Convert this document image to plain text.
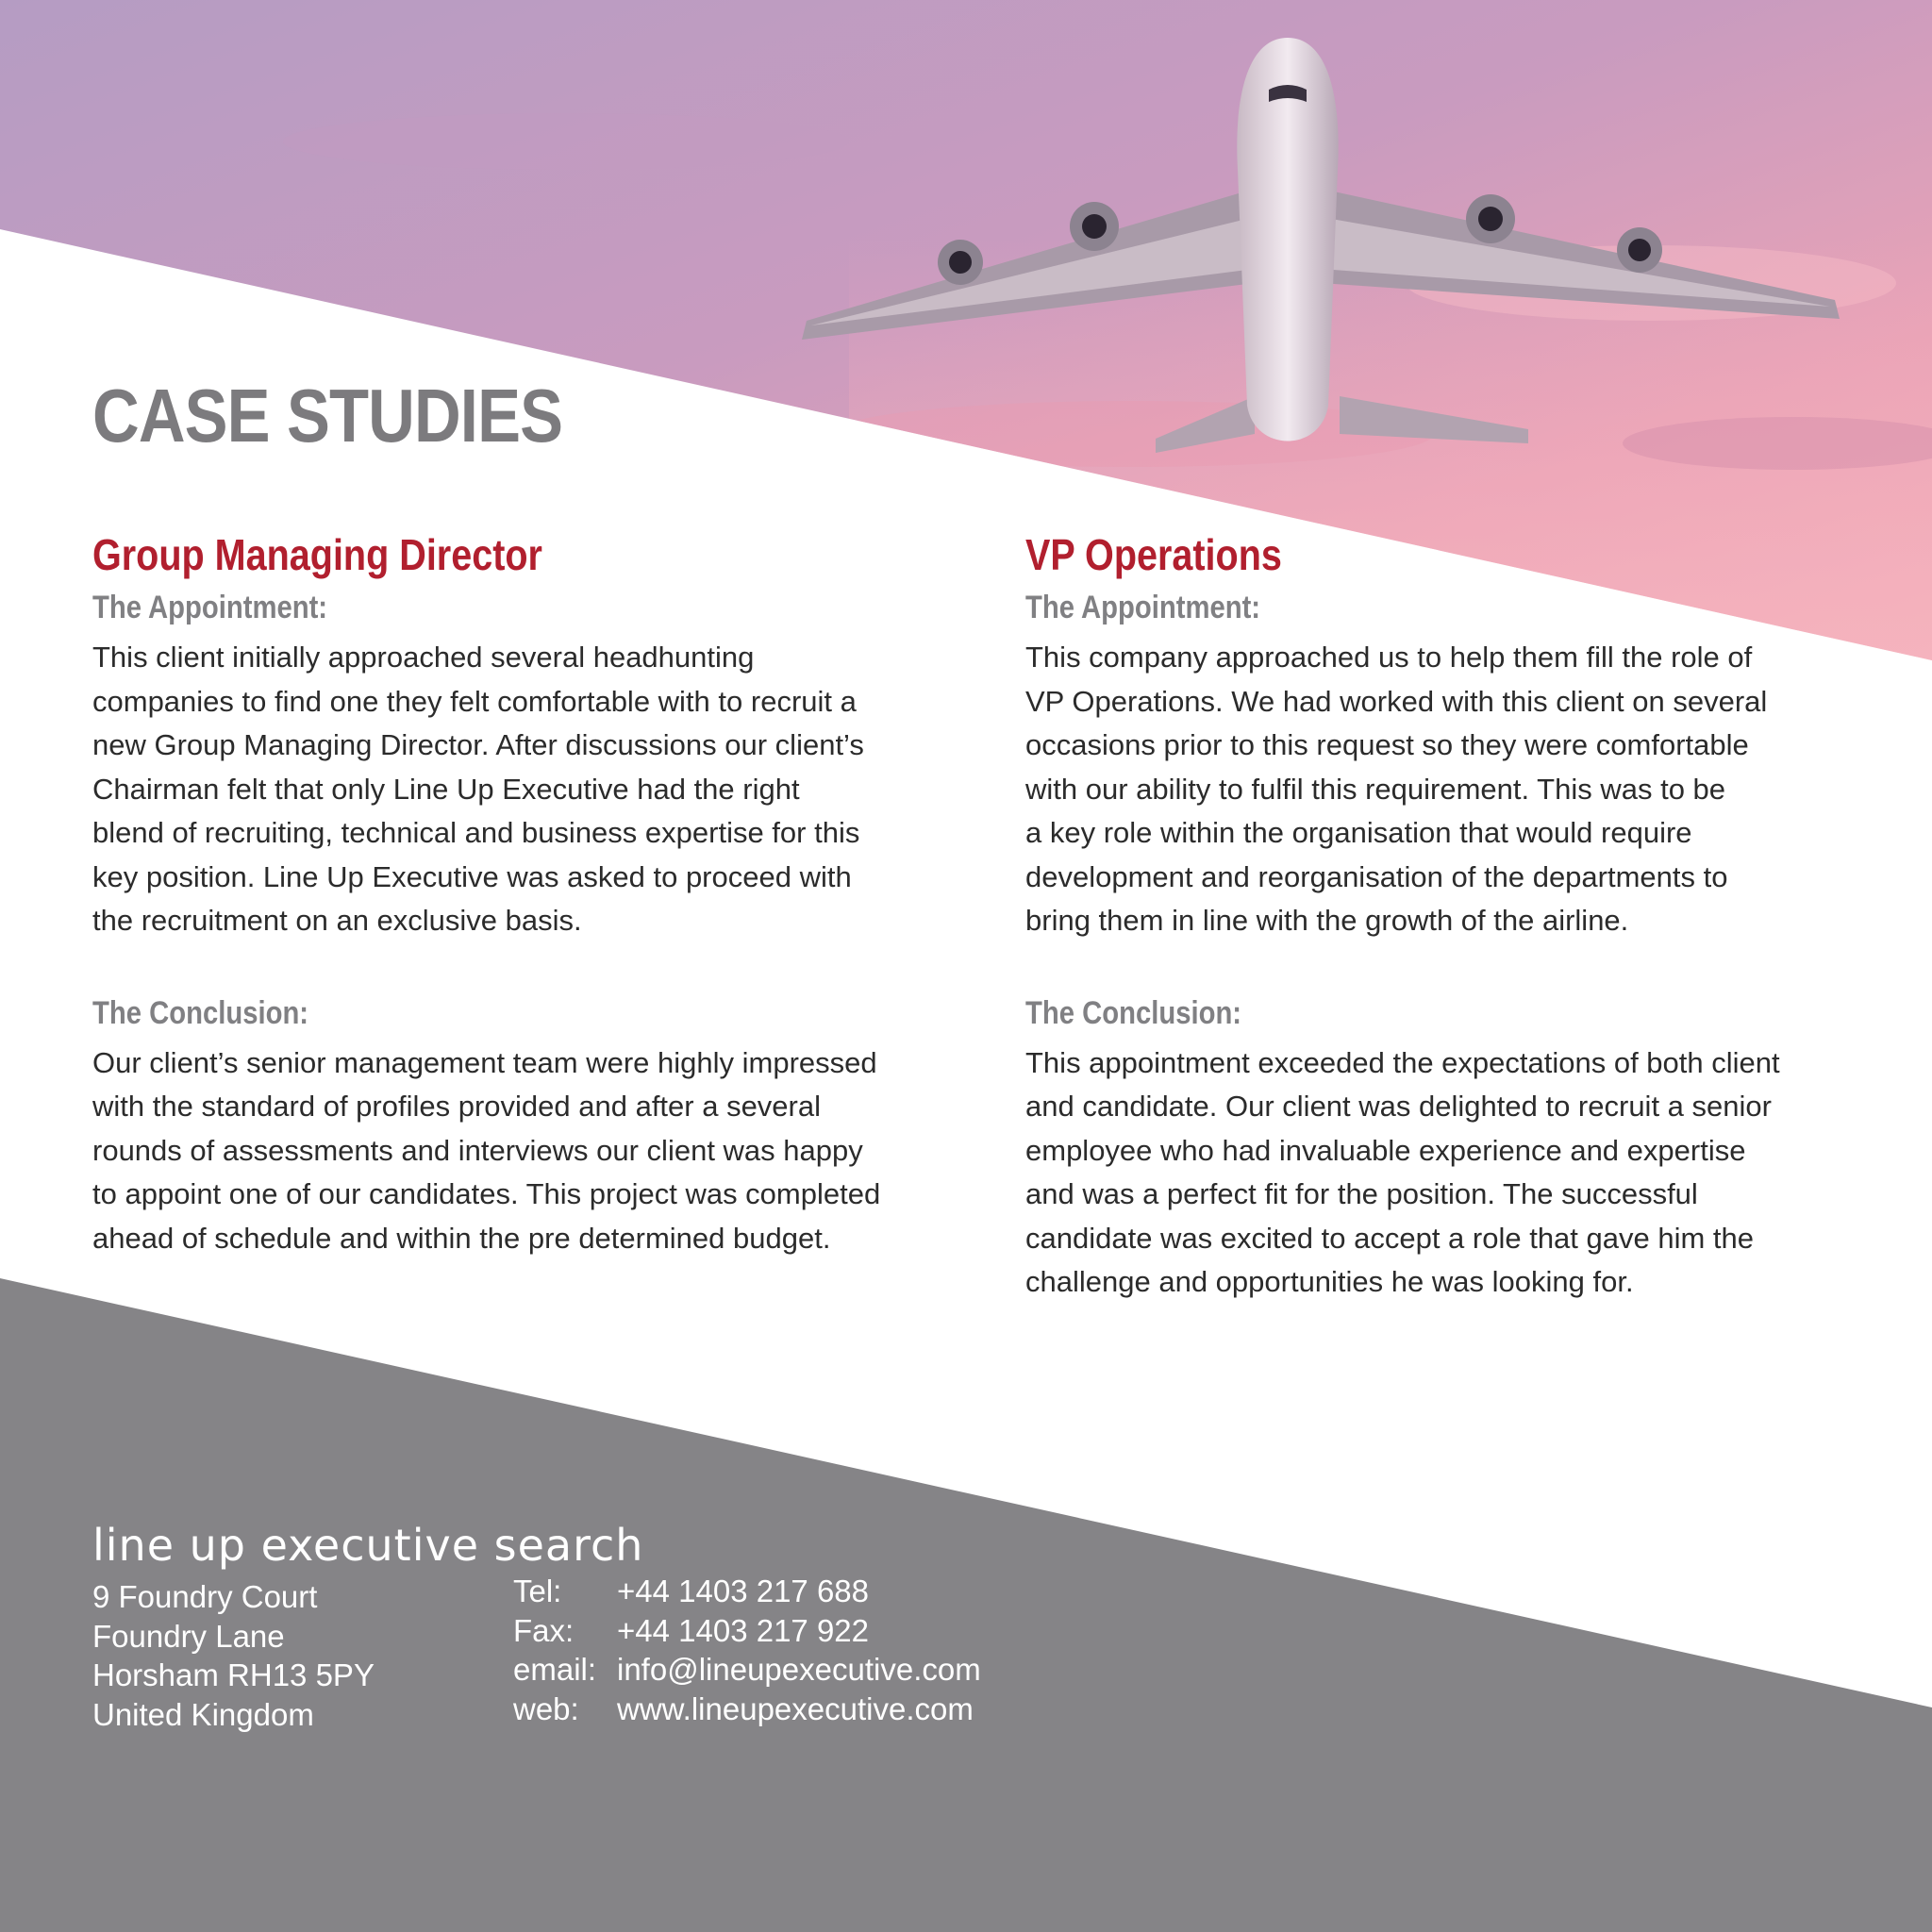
CASE STUDIES
Group Managing Director
The Appointment:

This client initially approached several headhunting
companies to find one they felt comfortable with to recruit a
new Group Managing Director. After discussions our client’s
Chairman felt that only Line Up Executive had the right
blend of recruiting, technical and business expertise for this
key position. Line Up Executive was asked to proceed with
the recruitment on an exclusive basis.

The Conclusion:

Our client’s senior management team were highly impressed
with the standard of profiles provided and after a several
rounds of assessments and interviews our client was happy
to appoint one of our candidates. This project was completed
ahead of schedule and within the pre determined budget.

VP Operations
The Appointment:

This company approached us to help them fill the role of
VP Operations. We had worked with this client on several
occasions prior to this request so they were comfortable
with our ability to fulfil this requirement. This was to be
a key role within the organisation that would require
development and reorganisation of the departments to
bring them in line with the growth of the airline.

The Conclusion:

This appointment exceeded the expectations of both client
and candidate. Our client was delighted to recruit a senior
employee who had invaluable experience and expertise
and was a perfect fit for the position. The successful
candidate was excited to accept a role that gave him the
challenge and opportunities he was looking for.

line up executive search
9 Foundry Court
Foundry Lane
Horsham RH13 5PY
United Kingdom
Tel:	+44 1403 217 688
Fax:	+44 1403 217 922
email: info@lineupexecutive.com
web:	www.lineupexecutive.com
